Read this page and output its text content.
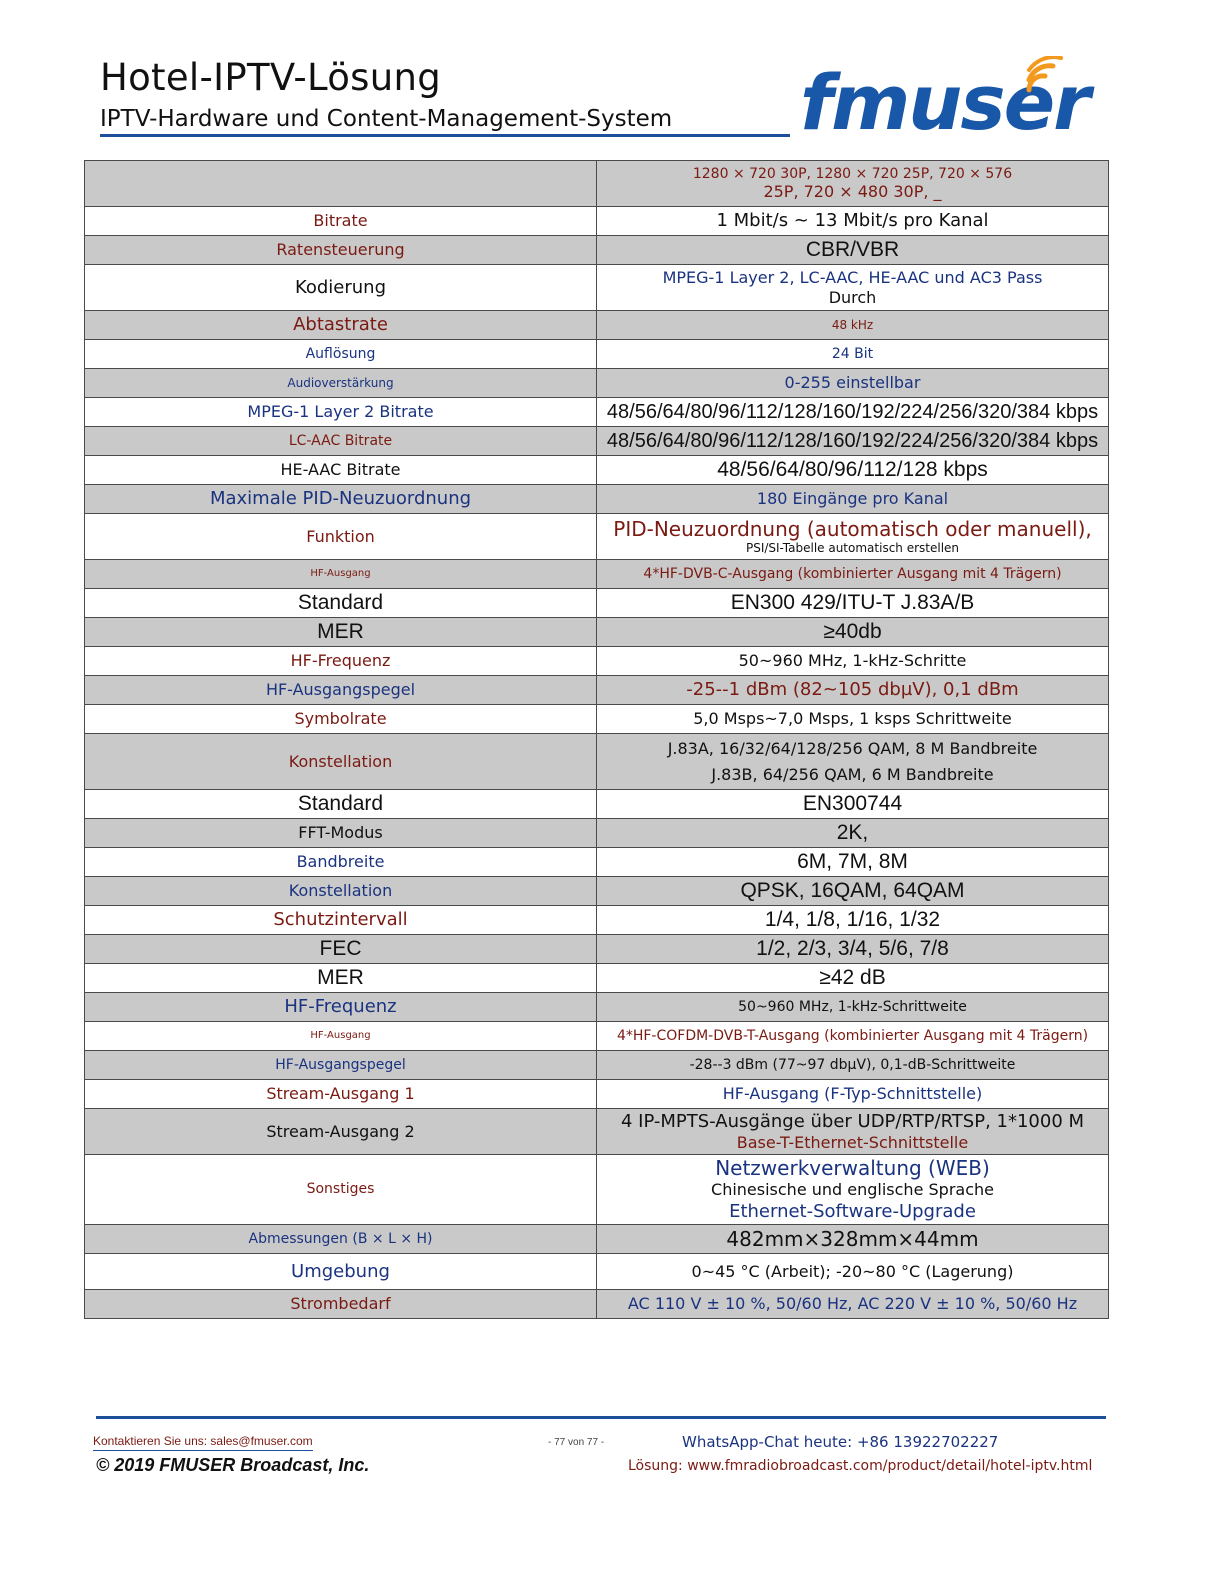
Hotel-IPTV-Lösung
IPTV-Hardware und Content-Management-System fmuser

	1280 × 720 30P, 1280 × 720 25P, 720 × 576
25P, 720 × 480 30P, _

Bitrate	1 Mbit/s ~ 13 Mbit/s pro Kanal
Ratensteuerung	CBR/VBR
Kodierung	MPEG-1 Layer 2, LC-AAC, HE-AAC und AC3 Pass
Durch

Abtastrate	48 kHz
Auflösung	24 Bit
Audioverstärkung	0-255 einstellbar
MPEG-1 Layer 2 Bitrate	48/56/64/80/96/112/128/160/192/224/256/320/384 kbps
LC-AAC Bitrate	48/56/64/80/96/112/128/160/192/224/256/320/384 kbps
HE-AAC Bitrate	48/56/64/80/96/112/128 kbps
Maximale PID-Neuzuordnung	180 Eingänge pro Kanal
Funktion	PID-Neuzuordnung (automatisch oder manuell),
PSI/SI-Tabelle automatisch erstellen

HF-Ausgang	4*HF-DVB-C-Ausgang (kombinierter Ausgang mit 4 Trägern)
Standard	EN300 429/ITU-T J.83A/B
MER	≥40db
HF-Frequenz	50~960 MHz, 1-kHz-Schritte
HF-Ausgangspegel	-25--1 dBm (82~105 dbµV), 0,1 dBm
Symbolrate	5,0 Msps~7,0 Msps, 1 ksps Schrittweite
Konstellation	J.83A, 16/32/64/128/256 QAM, 8 M Bandbreite
J.83B, 64/256 QAM, 6 M Bandbreite

Standard	EN300744
FFT-Modus	2K,
Bandbreite	6M, 7M, 8M
Konstellation	QPSK, 16QAM, 64QAM
Schutzintervall	1/4, 1/8, 1/16, 1/32
FEC	1/2, 2/3, 3/4, 5/6, 7/8
MER	≥42 dB
HF-Frequenz	50~960 MHz, 1-kHz-Schrittweite
HF-Ausgang	4*HF-COFDM-DVB-T-Ausgang (kombinierter Ausgang mit 4 Trägern)
HF-Ausgangspegel	-28--3 dBm (77~97 dbµV), 0,1-dB-Schrittweite
Stream-Ausgang 1	HF-Ausgang (F-Typ-Schnittstelle)
Stream-Ausgang 2	4 IP-MPTS-Ausgänge über UDP/RTP/RTSP, 1*1000 M
Base-T-Ethernet-Schnittstelle

Sonstiges	Netzwerkverwaltung (WEB)
Chinesische und englische Sprache
Ethernet-Software-Upgrade

Abmessungen (B × L × H)	482mm×328mm×44mm
Umgebung	0~45 °C (Arbeit); -20~80 °C (Lagerung)
Strombedarf	AC 110 V ± 10 %, 50/60 Hz, AC 220 V ± 10 %, 50/60 Hz
Kontaktieren Sie uns: sales@fmuser.com
© 2019 FMUSER Broadcast, Inc.
- 77 von 77 -	WhatsApp-Chat heute: +86 13922702227
Lösung: www.fmradiobroadcast.com/product/detail/hotel-iptv.html
